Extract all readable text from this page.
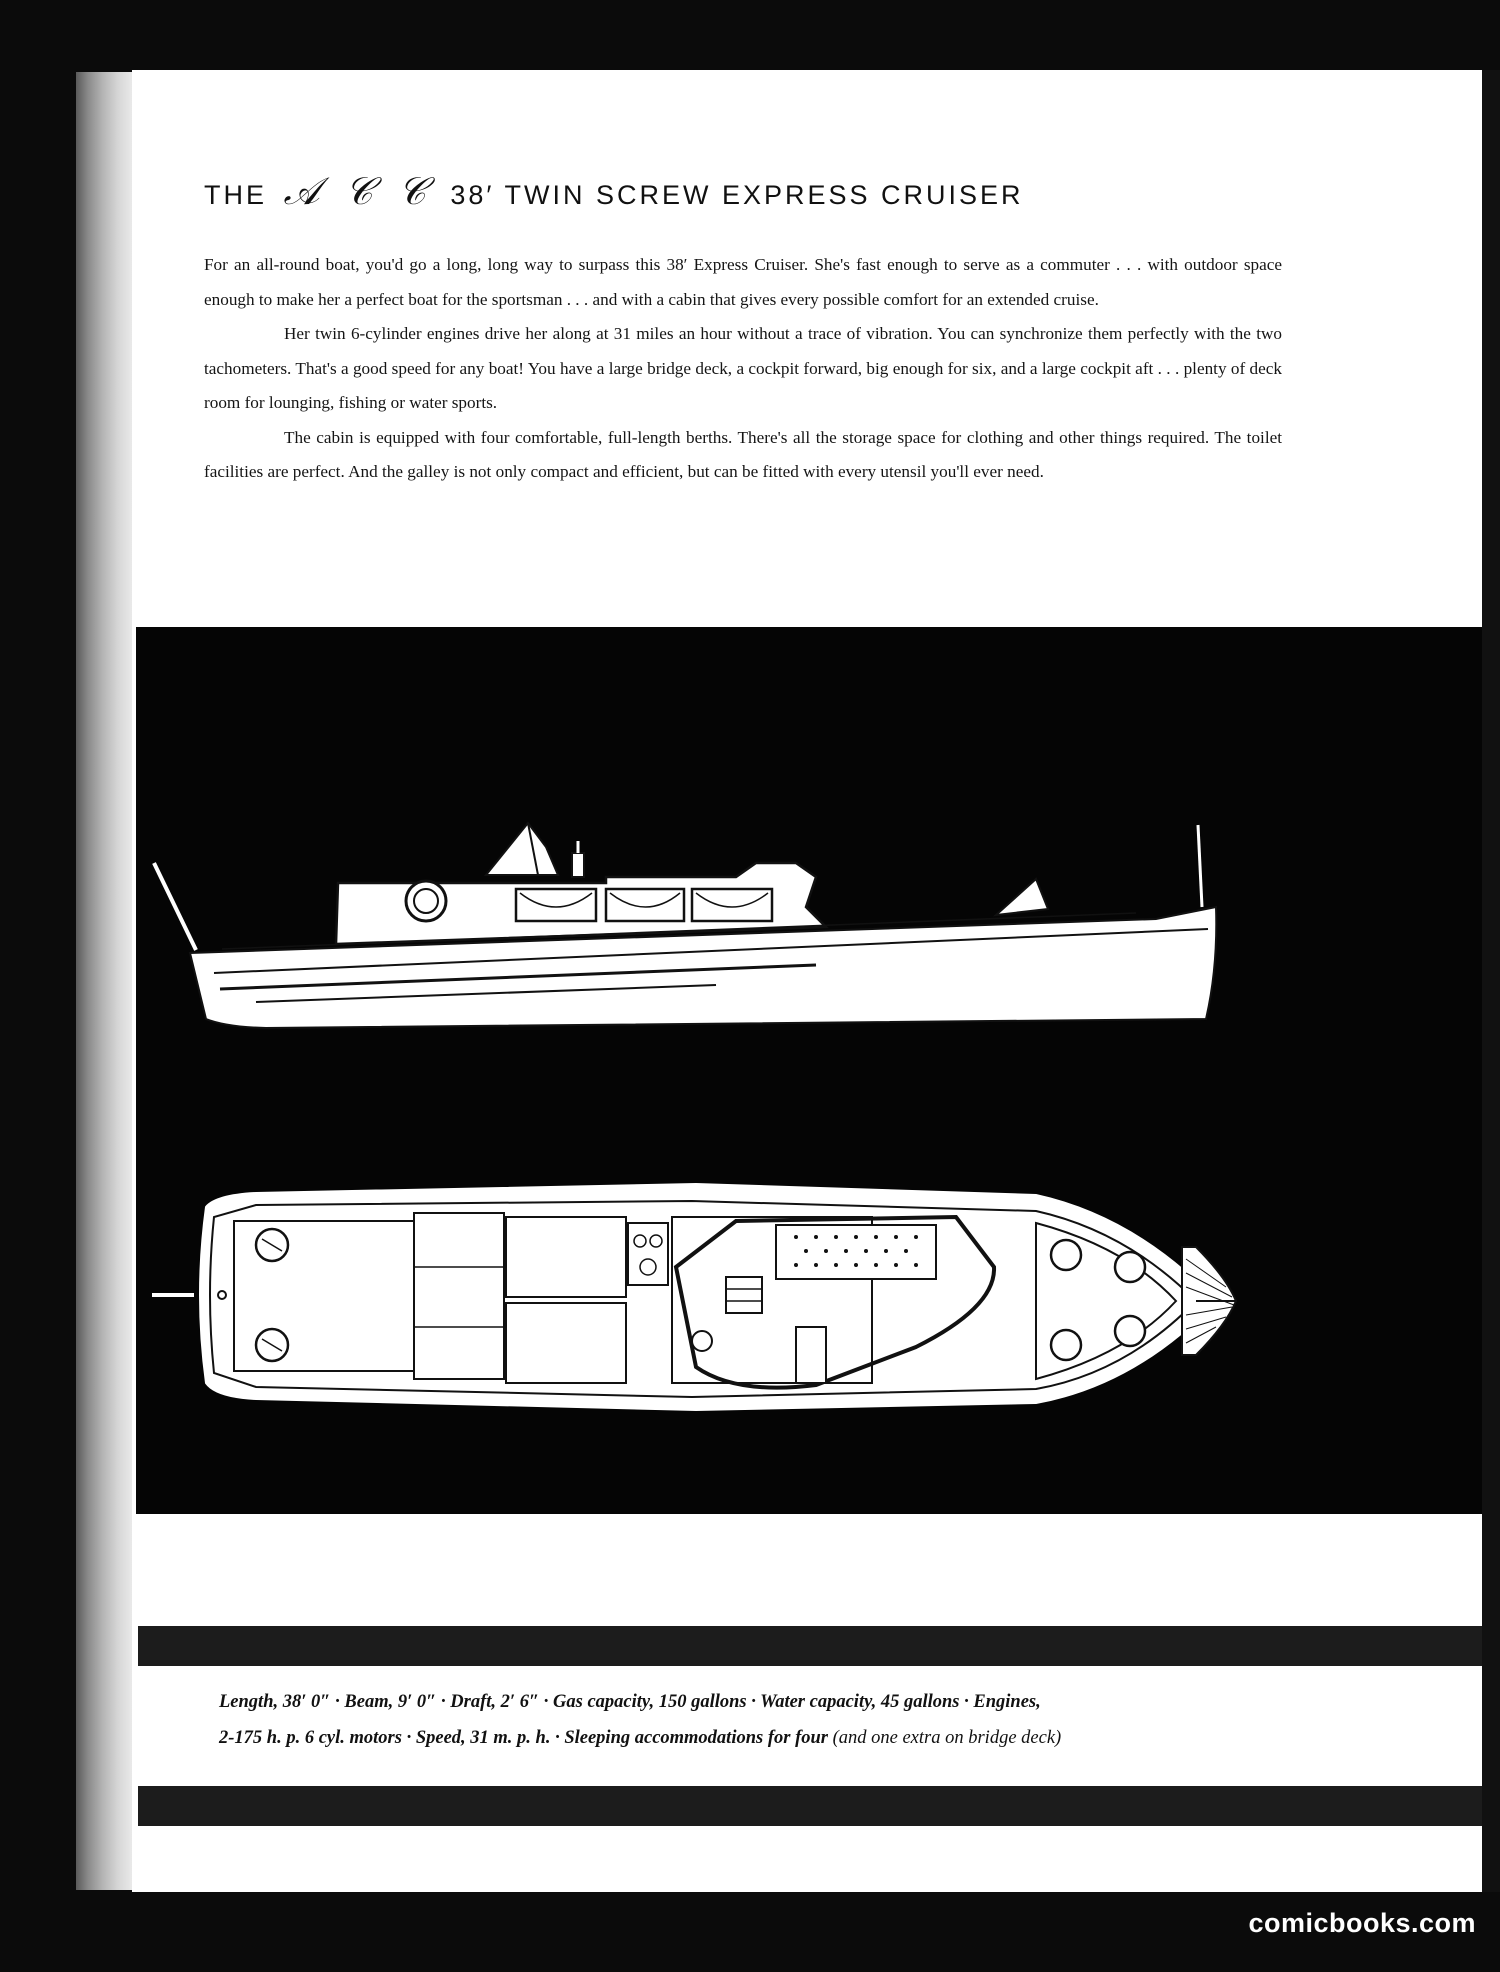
THE 𝒜 𝒞 𝒞 38′ TWIN SCREW EXPRESS CRUISER

For an all-round boat, you'd go a long, long way to surpass this 38′ Express Cruiser. She's fast enough to serve as a commuter . . . with outdoor space enough to make her a perfect boat for the sportsman . . . and with a cabin that gives every possible comfort for an extended cruise.

Her twin 6-cylinder engines drive her along at 31 miles an hour without a trace of vibration. You can synchronize them perfectly with the two tachometers. That's a good speed for any boat! You have a large bridge deck, a cockpit forward, big enough for six, and a large cockpit aft . . . plenty of deck room for lounging, fishing or water sports.

The cabin is equipped with four comfortable, full-length berths. There's all the storage space for clothing and other things required. The toilet facilities are perfect. And the galley is not only compact and efficient, but can be fitted with every utensil you'll ever need.

Length, 38′ 0″ · Beam, 9′ 0″ · Draft, 2′ 6″ · Gas capacity, 150 gallons · Water capacity, 45 gallons · Engines,
2-175 h. p. 6 cyl. motors · Speed, 31 m. p. h. · Sleeping accommodations for four (and one extra on bridge deck)
comicbooks.com
